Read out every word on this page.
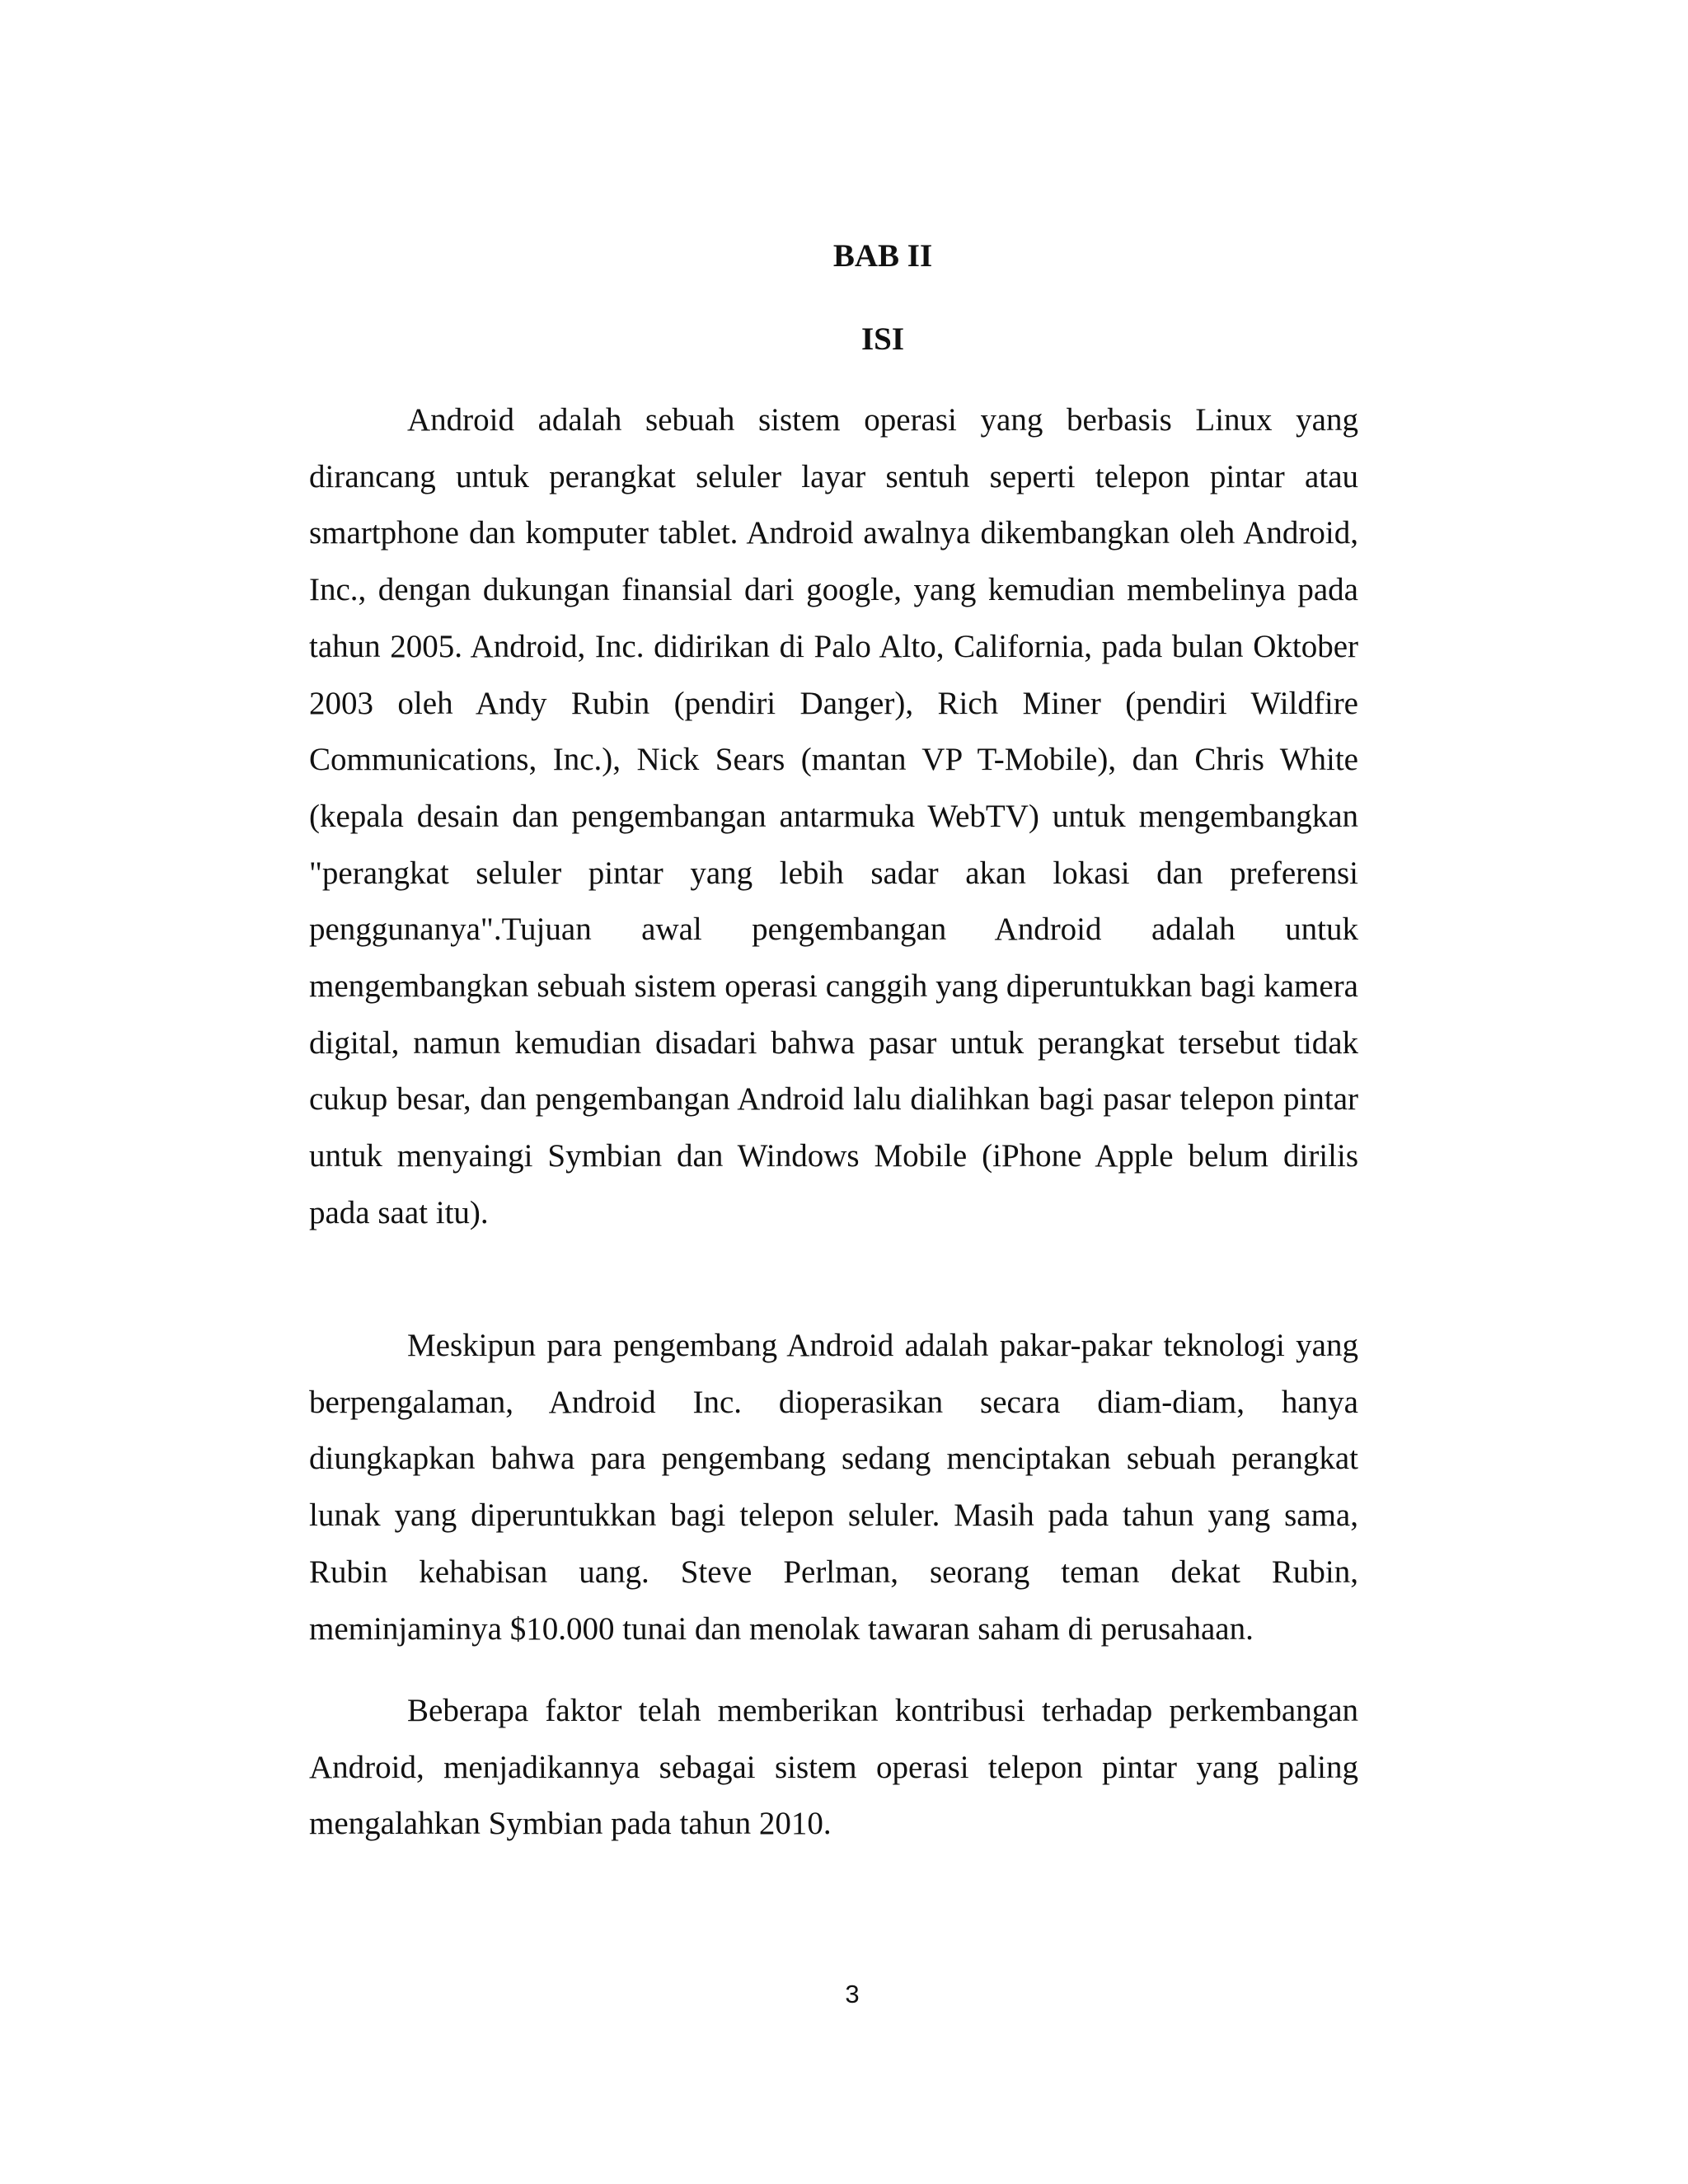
BAB II
ISI

Android adalah sebuah sistem operasi yang berbasis Linux yang dirancang untuk perangkat seluler layar sentuh seperti telepon pintar atau smartphone dan komputer tablet. Android awalnya dikembangkan oleh Android, Inc., dengan dukungan finansial dari google, yang kemudian membelinya pada tahun 2005. Android, Inc. didirikan di Palo Alto, California, pada bulan Oktober 2003 oleh Andy Rubin (pendiri Danger), Rich Miner (pendiri Wildfire Communications, Inc.), Nick Sears (mantan VP T-Mobile), dan Chris White (kepala desain dan pengembangan antarmuka WebTV) untuk mengembangkan "perangkat seluler pintar yang lebih sadar akan lokasi dan preferensi penggunanya".Tujuan awal pengembangan Android adalah untuk mengembangkan sebuah sistem operasi canggih yang diperuntukkan bagi kamera digital, namun kemudian disadari bahwa pasar untuk perangkat tersebut tidak cukup besar, dan pengembangan Android lalu dialihkan bagi pasar telepon pintar untuk menyaingi Symbian dan Windows Mobile (iPhone Apple belum dirilis pada saat itu).

Meskipun para pengembang Android adalah pakar-pakar teknologi yang berpengalaman, Android Inc. dioperasikan secara diam-diam, hanya diungkapkan bahwa para pengembang sedang menciptakan sebuah perangkat lunak yang diperuntukkan bagi telepon seluler. Masih pada tahun yang sama, Rubin kehabisan uang. Steve Perlman, seorang teman dekat Rubin, meminjaminya $10.000 tunai dan menolak tawaran saham di perusahaan.

Beberapa faktor telah memberikan kontribusi terhadap perkembangan Android, menjadikannya sebagai sistem operasi telepon pintar yang paling mengalahkan Symbian pada tahun 2010.

3
